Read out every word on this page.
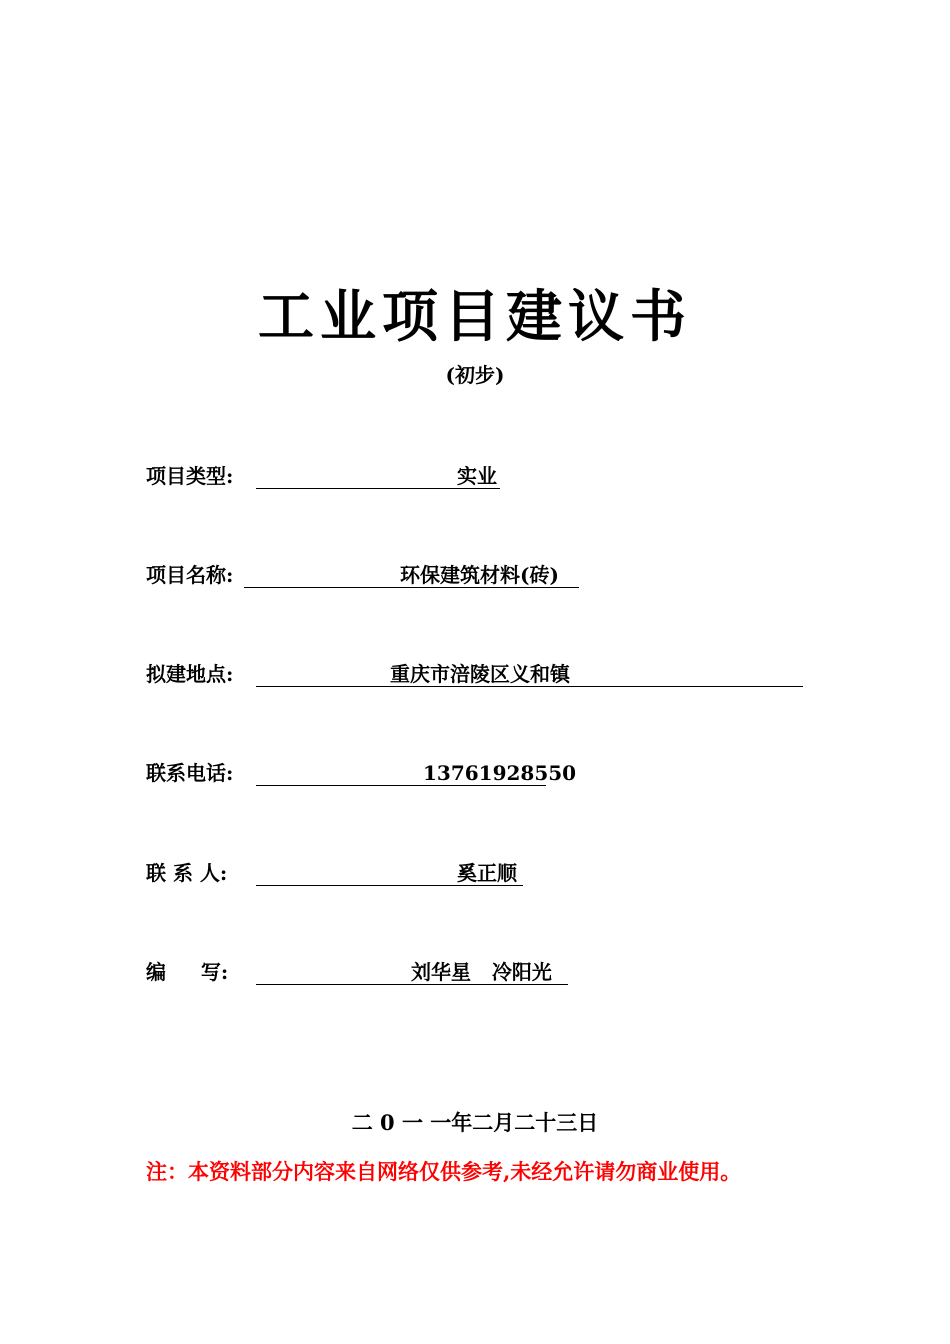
工业项目建议书
(初步)
项目类型:	实业
项目名称:	环保建筑材料(砖)
拟建地点:	重庆市涪陵区义和镇
联系电话:	13761928550
联 系 人:	奚正顺
编     写:	刘华星   冷阳光
二 0 一 一年二月二十三日
注：本资料部分内容来自网络仅供参考,未经允许请勿商业使用。
